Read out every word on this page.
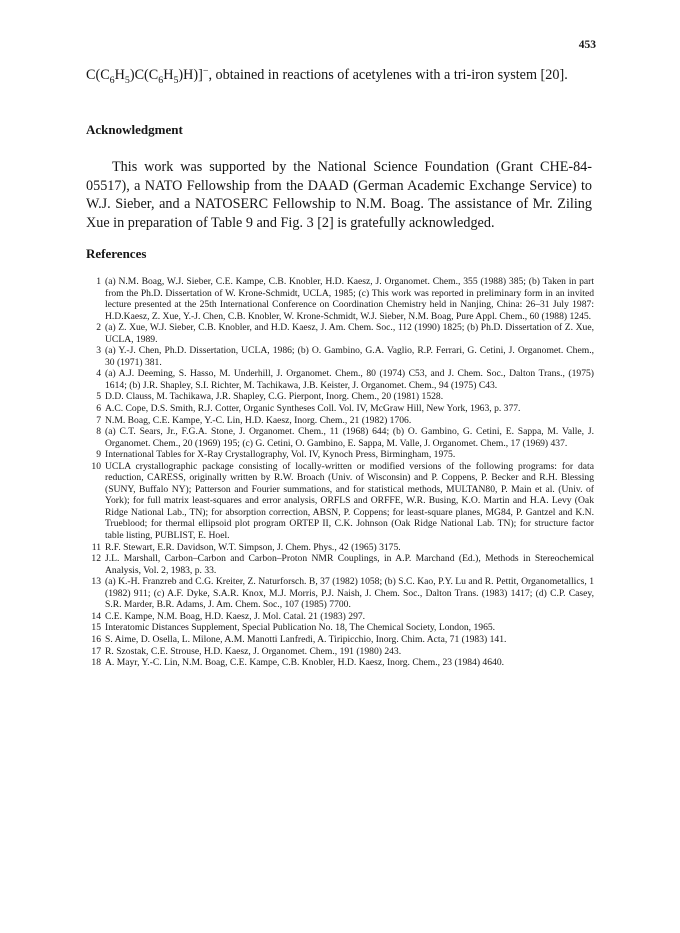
453

$C(C_6H_5)C(C_6H_5)H)]^-$, obtained in reactions of acetylenes with a tri-iron system [20].

Acknowledgment

This work was supported by the National Science Foundation (Grant CHE-84-05517), a NATO Fellowship from the DAAD (German Academic Exchange Service) to W.J. Sieber, and a NATOSERC Fellowship to N.M. Boag. The assistance of Mr. Ziling Xue in preparation of Table 9 and Fig. 3 [2] is gratefully acknowledged.

References
1 (a) N.M. Boag, W.J. Sieber, C.E. Kampe, C.B. Knobler, H.D. Kaesz, J. Organomet. Chem., 355 (1988) 385; (b) Taken in part from the Ph.D. Dissertation of W. Krone-Schmidt, UCLA, 1985; (c) This work was reported in preliminary form in an invited lecture presented at the 25th International Conference on Coordination Chemistry held in Nanjing, China: 26–31 July 1987: H.D.Kaesz, Z. Xue, Y.-J. Chen, C.B. Knobler, W. Krone-Schmidt, W.J. Sieber, N.M. Boag, Pure Appl. Chem., 60 (1988) 1245.
2 (a) Z. Xue, W.J. Sieber, C.B. Knobler, and H.D. Kaesz, J. Am. Chem. Soc., 112 (1990) 1825; (b) Ph.D. Dissertation of Z. Xue, UCLA, 1989.
3 (a) Y.-J. Chen, Ph.D. Dissertation, UCLA, 1986; (b) O. Gambino, G.A. Vaglio, R.P. Ferrari, G. Cetini, J. Organomet. Chem., 30 (1971) 381.
4 (a) A.J. Deeming, S. Hasso, M. Underhill, J. Organomet. Chem., 80 (1974) C53, and J. Chem. Soc., Dalton Trans., (1975) 1614; (b) J.R. Shapley, S.I. Richter, M. Tachikawa, J.B. Keister, J. Organomet. Chem., 94 (1975) C43.
5 D.D. Clauss, M. Tachikawa, J.R. Shapley, C.G. Pierpont, Inorg. Chem., 20 (1981) 1528.
6 A.C. Cope, D.S. Smith, R.J. Cotter, Organic Syntheses Coll. Vol. IV, McGraw Hill, New York, 1963, p. 377.
7 N.M. Boag, C.E. Kampe, Y.-C. Lin, H.D. Kaesz, Inorg. Chem., 21 (1982) 1706.
8 (a) C.T. Sears, Jr., F.G.A. Stone, J. Organomet. Chem., 11 (1968) 644; (b) O. Gambino, G. Cetini, E. Sappa, M. Valle, J. Organomet. Chem., 20 (1969) 195; (c) G. Cetini, O. Gambino, E. Sappa, M. Valle, J. Organomet. Chem., 17 (1969) 437.
9 International Tables for X-Ray Crystallography, Vol. IV, Kynoch Press, Birmingham, 1975.
10 UCLA crystallographic package consisting of locally-written or modified versions of the following programs: for data reduction, CARESS, originally written by R.W. Broach (Univ. of Wisconsin) and P. Coppens, P. Becker and R.H. Blessing (SUNY, Buffalo NY); Patterson and Fourier summations, and for statistical methods, MULTAN80, P. Main et al. (Univ. of York); for full matrix least-squares and error analysis, ORFLS and ORFFE, W.R. Busing, K.O. Martin and H.A. Levy (Oak Ridge National Lab., TN); for absorption correction, ABSN, P. Coppens; for least-square planes, MG84, P. Gantzel and K.N. Trueblood; for thermal ellipsoid plot program ORTEP II, C.K. Johnson (Oak Ridge National Lab. TN); for structure factor table listing, PUBLIST, E. Hoel.
11 R.F. Stewart, E.R. Davidson, W.T. Simpson, J. Chem. Phys., 42 (1965) 3175.
12 J.L. Marshall, Carbon–Carbon and Carbon–Proton NMR Couplings, in A.P. Marchand (Ed.), Methods in Stereochemical Analysis, Vol. 2, 1983, p. 33.
13 (a) K.-H. Franzreb and C.G. Kreiter, Z. Naturforsch. B, 37 (1982) 1058; (b) S.C. Kao, P.Y. Lu and R. Pettit, Organometallics, 1 (1982) 911; (c) A.F. Dyke, S.A.R. Knox, M.J. Morris, P.J. Naish, J. Chem. Soc., Dalton Trans. (1983) 1417; (d) C.P. Casey, S.R. Marder, B.R. Adams, J. Am. Chem. Soc., 107 (1985) 7700.
14 C.E. Kampe, N.M. Boag, H.D. Kaesz, J. Mol. Catal. 21 (1983) 297.
15 Interatomic Distances Supplement, Special Publication No. 18, The Chemical Society, London, 1965.
16 S. Aime, D. Osella, L. Milone, A.M. Manotti Lanfredi, A. Tiripicchio, Inorg. Chim. Acta, 71 (1983) 141.
17 R. Szostak, C.E. Strouse, H.D. Kaesz, J. Organomet. Chem., 191 (1980) 243.
18 A. Mayr, Y.-C. Lin, N.M. Boag, C.E. Kampe, C.B. Knobler, H.D. Kaesz, Inorg. Chem., 23 (1984) 4640.
